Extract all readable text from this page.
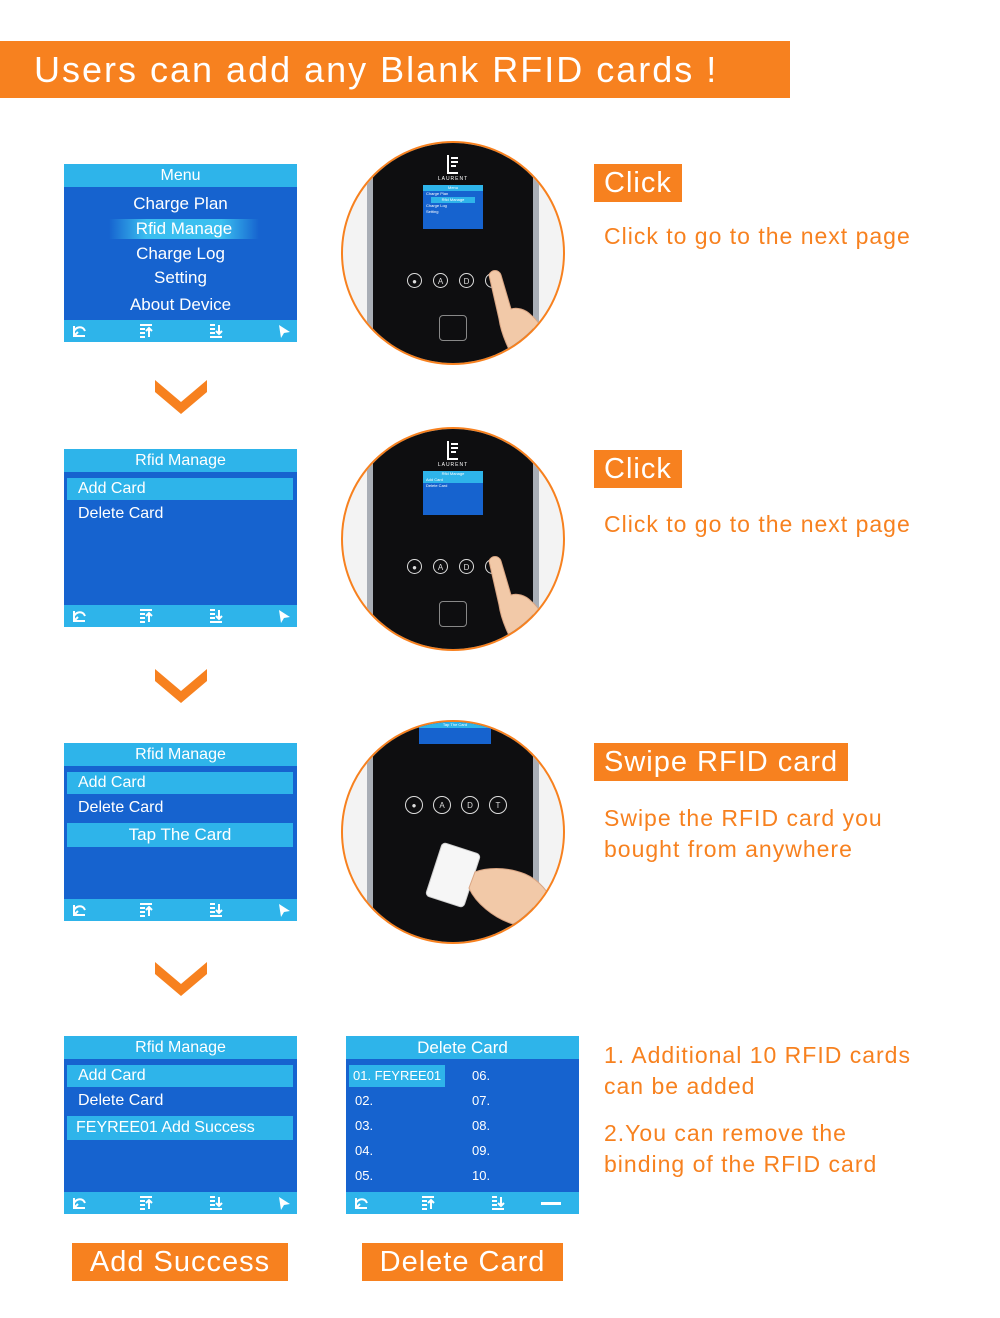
Users can add any Blank RFID cards !
Menu
Charge Plan
Rfid Manage
Charge Log
Setting
About Device
Rfid Manage
Add Card
Delete Card
Rfid Manage
Add Card
Delete Card
Tap The Card
Rfid Manage
Add Card
Delete Card
FEYREE01 Add Success
Delete Card
01. FEYREE01
02.
03.
04.
05.
06.
07.
08.
09.
10.
LAURENT
Menu
Charge Plan
Rfid Manage
Charge Log
Setting
●	A	D
LAURENT
Rfid Manage
Add Card
Delete Card
●	A	D
Tap The Card
●	A	D	T
Click
Click to go to the next page
Click
Click to go to the next page
Swipe RFID card
Swipe the RFID card you
bought from anywhere
1. Additional 10 RFID cards
can be added
2.You can remove the
binding of the RFID card
Add Success	Delete Card
